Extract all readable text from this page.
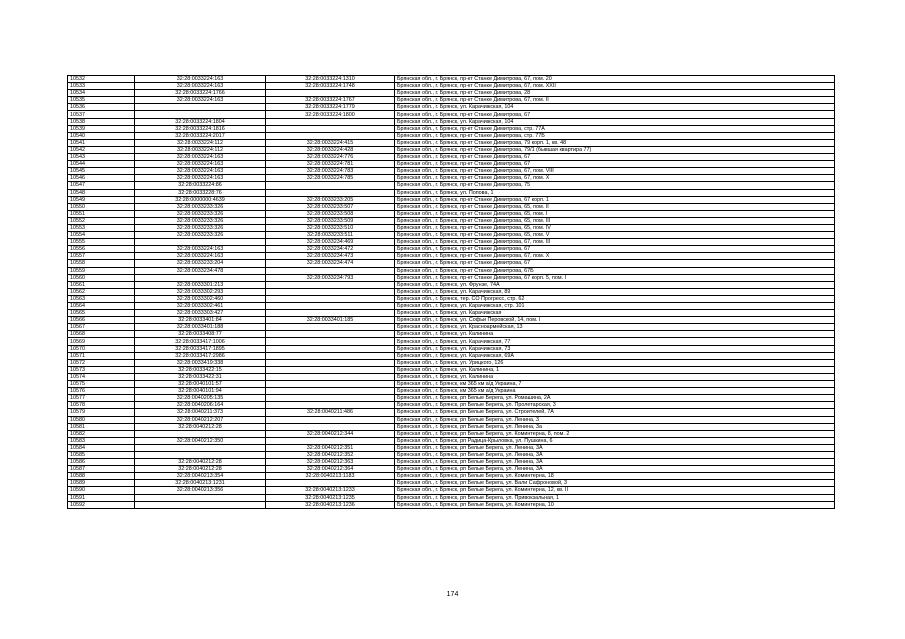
10532	32:28:0033224:163	32:28:0033224:1310	Брянская обл., г. Брянск, пр-кт Станке Димитрова, 67, пом. 20
10533	32:28:0033224:163	32:28:0033224:1748	Брянская обл., г. Брянск, пр-кт Станке Димитрова, 67, пом. XXII
10534	32:28:0033224:1766		Брянская обл., г. Брянск, пр-кт Станке Димитрова, 28
10535	32:28:0033224:163	32:28:0033224:1767	Брянская обл., г. Брянск, пр-кт Станке Димитрова, 67, пом. II
10536		32:28:0033224:1779	Брянская обл., г. Брянск, ул. Карачижская, 104
10537		32:28:0033224:1800	Брянская обл., г. Брянск, пр-кт Станке Димитрова, 67
10538	32:28:0033224:1804		Брянская обл., г. Брянск, ул. Карачижская, 104
10539	32:28:0033224:1816		Брянская обл., г. Брянск, пр-кт Станке Димитрова, стр. 77А
10540	32:28:0033224:2017		Брянская обл., г. Брянск, пр-кт Станке Димитрова, стр. 77Б
10541	32:28:0033224:112	32:28:0033224:415	Брянская обл., г. Брянск, пр-кт Станке Димитрова, 79 корп. 1, кв. 48
10542	32:28:0033224:112	32:28:0033224:428	Брянская обл., г. Брянск, пр-кт Станке Димитрова, 79/1 (бывшая квартира 77)
10543	32:28:0033224:163	32:28:0033224:776	Брянская обл., г. Брянск, пр-кт Станке Димитрова, 67
10544	32:28:0033224:163	32:28:0033224:781	Брянская обл., г. Брянск, пр-кт Станке Димитрова, 67
10545	32:28:0033224:163	32:28:0033224:783	Брянская обл., г. Брянск, пр-кт Станке Димитрова, 67, пом. VIII
10546	32:28:0033224:163	32:28:0033224:785	Брянская обл., г. Брянск, пр-кт Станке Димитрова, 67, пом. Х
10547	32:28:0033224:86		Брянская обл., г. Брянск, пр-кт Станке Димитрова, 75
10548	32:28:0033228:76		Брянская обл., г. Брянск, ул. Попова, 1
10549	32:28:0000000:4639	32:28:0033233:205	Брянская обл., г. Брянск, пр-кт Станке Димитрова, 67 корп. 1
10550	32:28:0033233:326	32:28:0033233:507	Брянская обл., г. Брянск, пр-кт Станке Димитрова, 65, пом. II
10551	32:28:0033233:326	32:28:0033233:508	Брянская обл., г. Брянск, пр-кт Станке Димитрова, 65, пом. I
10552	32:28:0033233:326	32:28:0033233:509	Брянская обл., г. Брянск, пр-кт Станке Димитрова, 65, пом. III
10553	32:28:0033233:326	32:28:0033233:510	Брянская обл., г. Брянск, пр-кт Станке Димитрова, 65, пом. IV
10554	32:28:0033233:326	32:28:0033233:511	Брянская обл., г. Брянск, пр-кт Станке Димитрова, 65, пом. V
10555		32:28:0033234:469	Брянская обл., г. Брянск, пр-кт Станке Димитрова, 67, пом. III
10556	32:28:0033224:163	32:28:0033234:472	Брянская обл., г. Брянск, пр-кт Станке Димитрова, 67
10557	32:28:0033224:163	32:28:0033234:473	Брянская обл., г. Брянск, пр-кт Станке Димитрова, 67, пом. Х
10558	32:28:0033233:204	32:28:0033234:474	Брянская обл., г. Брянск, пр-кт Станке Димитрова, 67
10559	32:28:0033234:478		Брянская обл., г. Брянск, пр-кт Станке Димитрова, 67Б
10560		32:28:0033234:793	Брянская обл., г. Брянск, пр-кт Станке Димитрова, 67 корп. 5, пом. I
10561	32:28:0033301:213		Брянская обл., г. Брянск, ул. Фрунзе, 74А
10562	32:28:0033302:293		Брянская обл., г. Брянск, ул. Карачижская, 89
10563	32:28:0033302:460		Брянская обл., г. Брянск, тер. СО Прогресс, стр. 62
10564	32:28:0033302:461		Брянская обл., г. Брянск, ул. Карачижская, стр. 101
10565	32:28:0033303:427		Брянская обл., г. Брянск, ул. Карачижская
10566	32:28:0033401:84	32:28:0033401:185	Брянская обл., г. Брянск, ул. Софьи Перовской, 14, пом. I
10567	32:28:0033401:188		Брянская обл., г. Брянск, ул. Красноармейская, 13
10568	32:28:0033408:77		Брянская обл., г. Брянск, ул. Калинина
10569	32:28:0033417:1006		Брянская обл., г. Брянск, ул. Карачижская, 77
10570	32:28:0033417:1895		Брянская обл., г. Брянск, ул. Карачижская, 73
10571	32:28:0033417:2986		Брянская обл., г. Брянск, ул. Карачижская, 69А
10572	32:28:0033419:338		Брянская обл., г. Брянск, ул. Урицкого, 126
10573	32:28:0033422:15		Брянская обл., г. Брянск, ул. Калинина, 1
10574	32:28:0033422:31		Брянская обл., г. Брянск, ул. Калинина
10575	32:28:0040101:57		Брянская обл., г. Брянск, км 365 км а/д Украина, 7
10576	32:28:0040101:94		Брянская обл., г. Брянск, км 365 км а/д Украина
10577	32:28:0040205:135		Брянская обл., г. Брянск, рп Белые Берега, ул. Ромашина, 2А
10578	32:28:0040206:164		Брянская обл., г. Брянск, рп Белые Берега, ул. Пролетарская, 3
10579	32:28:0040211:373	32:28:0040211:486	Брянская обл., г. Брянск, рп Белые Берега, ул. Строителей, 7А
10580	32:28:0040212:207		Брянская обл., г. Брянск, рп Белые Берега, ул. Ленина, 3
10581	32:28:0040212:28		Брянская обл., г. Брянск, рп Белые Берега, ул. Ленина, 3а
10582		32:28:0040212:344	Брянская обл., г. Брянск, рп Белые Берега, ул. Коминтерна, 8, пом. 2
10583	32:28:0040212:350		Брянская обл., г. Брянск, рп Радица-Крыловка, ул. Пушкина, 6
10584		32:28:0040212:351	Брянская обл., г. Брянск, рп Белые Берега, ул. Ленина, 3А
10585		32:28:0040212:352	Брянская обл., г. Брянск, рп Белые Берега, ул. Ленина, 3А
10586	32:28:0040212:28	32:28:0040212:363	Брянская обл., г. Брянск, рп Белые Берега, ул. Ленина, 3А
10587	32:28:0040212:28	32:28:0040212:364	Брянская обл., г. Брянск, рп Белые Берега, ул. Ленина, 3А
10588	32:28:0040213:354	32:28:0040213:1183	Брянская обл., г. Брянск, рп Белые Берега, ул. Коминтерна, 18
10589	32:28:0040213:1231		Брянская обл., г. Брянск, рп Белые Берега, ул. Вали Сафроновой, 3
10590	32:28:0040213:356	32:28:0040213:1233	Брянская обл., г. Брянск, рп Белые Берега, ул. Коминтерна, 12, кв. II
10591		32:28:0040213:1235	Брянская обл., г. Брянск, рп Белые Берега, ул. Привокзальная, 1
10592		32:28:0040213:1236	Брянская обл., г. Брянск, рп Белые Берега, ул. Коминтерна, 10
174
